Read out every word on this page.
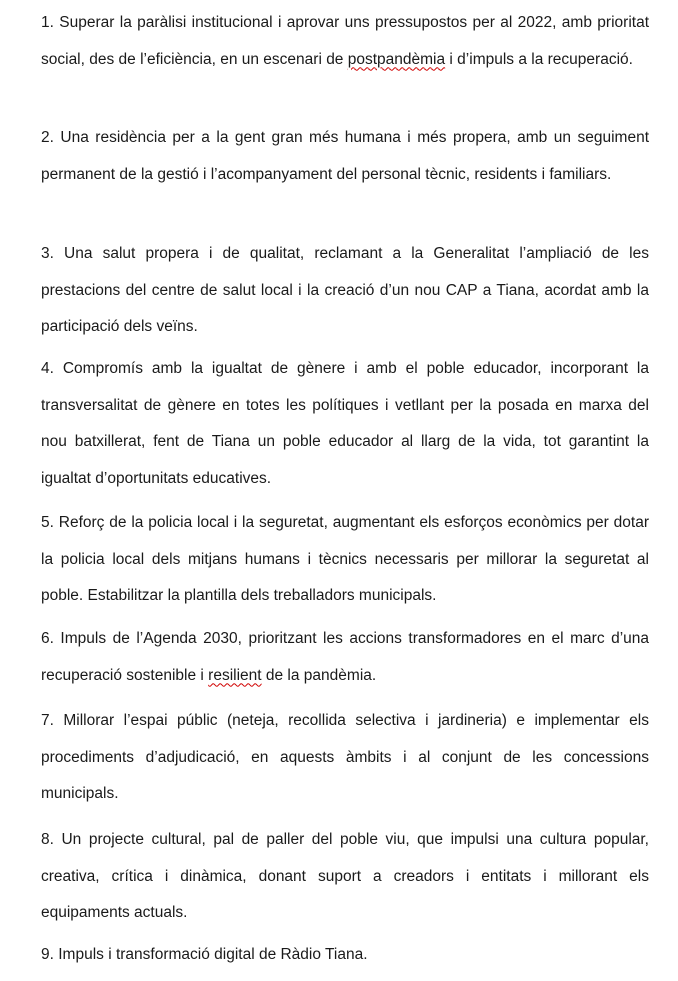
1. Superar la paràlisi institucional i aprovar uns pressupostos per al 2022, amb prioritat social, des de l’eficiència, en un escenari de postpandèmia i d’impuls a la recuperació.

2. Una residència per a la gent gran més humana i més propera, amb un seguiment permanent de la gestió i l’acompanyament del personal tècnic, residents i familiars.

3. Una salut propera i de qualitat, reclamant a la Generalitat l’ampliació de les prestacions del centre de salut local i la creació d’un nou CAP a Tiana, acordat amb la participació dels veïns.

4. Compromís amb la igualtat de gènere i amb el poble educador, incorporant la transversalitat de gènere en totes les polítiques i vetllant per la posada en marxa del nou batxillerat, fent de Tiana un poble educador al llarg de la vida, tot garantint la igualtat d’oportunitats educatives.

5. Reforç de la policia local i la seguretat, augmentant els esforços econòmics per dotar la policia local dels mitjans humans i tècnics necessaris per millorar la seguretat al poble. Estabilitzar la plantilla dels treballadors municipals.

6. Impuls de l’Agenda 2030, prioritzant les accions transformadores en el marc d’una recuperació sostenible i resilient de la pandèmia.

7. Millorar l’espai públic (neteja, recollida selectiva i jardineria) e implementar els procediments d’adjudicació, en aquests àmbits i al conjunt de les concessions municipals.

8. Un projecte cultural, pal de paller del poble viu, que impulsi una cultura popular, creativa, crítica i dinàmica, donant suport a creadors i entitats i millorant els equipaments actuals.

9. Impuls i transformació digital de Ràdio Tiana.
